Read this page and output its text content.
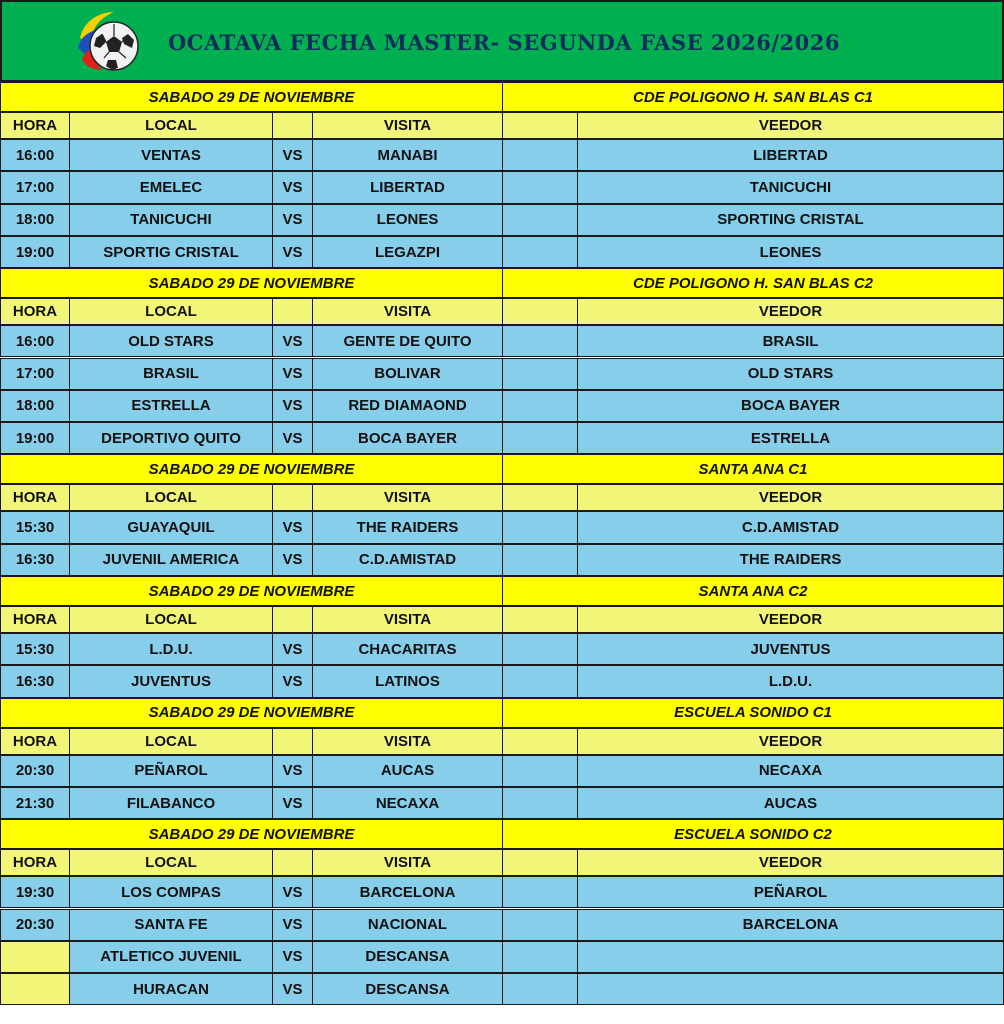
OCATAVA FECHA MASTER- SEGUNDA FASE 2026/2026
SABADO 29 DE NOVIEMBRE	CDE POLIGONO H. SAN BLAS C1
HORA	LOCAL	VISITA	VEEDOR
16:00	VENTAS	VS	MANABI	LIBERTAD
17:00	EMELEC	VS	LIBERTAD	TANICUCHI
18:00	TANICUCHI	VS	LEONES	SPORTING CRISTAL
19:00	SPORTIG CRISTAL	VS	LEGAZPI	LEONES
SABADO 29 DE NOVIEMBRE	CDE POLIGONO H. SAN BLAS C2
HORA	LOCAL	VISITA	VEEDOR
16:00	OLD STARS	VS	GENTE DE QUITO	BRASIL
17:00	BRASIL	VS	BOLIVAR	OLD STARS
18:00	ESTRELLA	VS	RED DIAMAOND	BOCA BAYER
19:00	DEPORTIVO QUITO	VS	BOCA BAYER	ESTRELLA
SABADO 29 DE NOVIEMBRE	SANTA ANA C1
HORA	LOCAL	VISITA	VEEDOR
15:30	GUAYAQUIL	VS	THE RAIDERS	C.D.AMISTAD
16:30	JUVENIL AMERICA	VS	C.D.AMISTAD	THE RAIDERS
SABADO 29 DE NOVIEMBRE	SANTA ANA C2
HORA	LOCAL	VISITA	VEEDOR
15:30	L.D.U.	VS	CHACARITAS	JUVENTUS
16:30	JUVENTUS	VS	LATINOS	L.D.U.
SABADO 29 DE NOVIEMBRE	ESCUELA SONIDO C1
HORA	LOCAL	VISITA	VEEDOR
20:30	PEÑAROL	VS	AUCAS	NECAXA
21:30	FILABANCO	VS	NECAXA	AUCAS
SABADO 29 DE NOVIEMBRE	ESCUELA SONIDO C2
HORA	LOCAL	VISITA	VEEDOR
19:30	LOS COMPAS	VS	BARCELONA	PEÑAROL
20:30	SANTA FE	VS	NACIONAL	BARCELONA
ATLETICO JUVENIL	VS	DESCANSA
HURACAN	VS	DESCANSA
